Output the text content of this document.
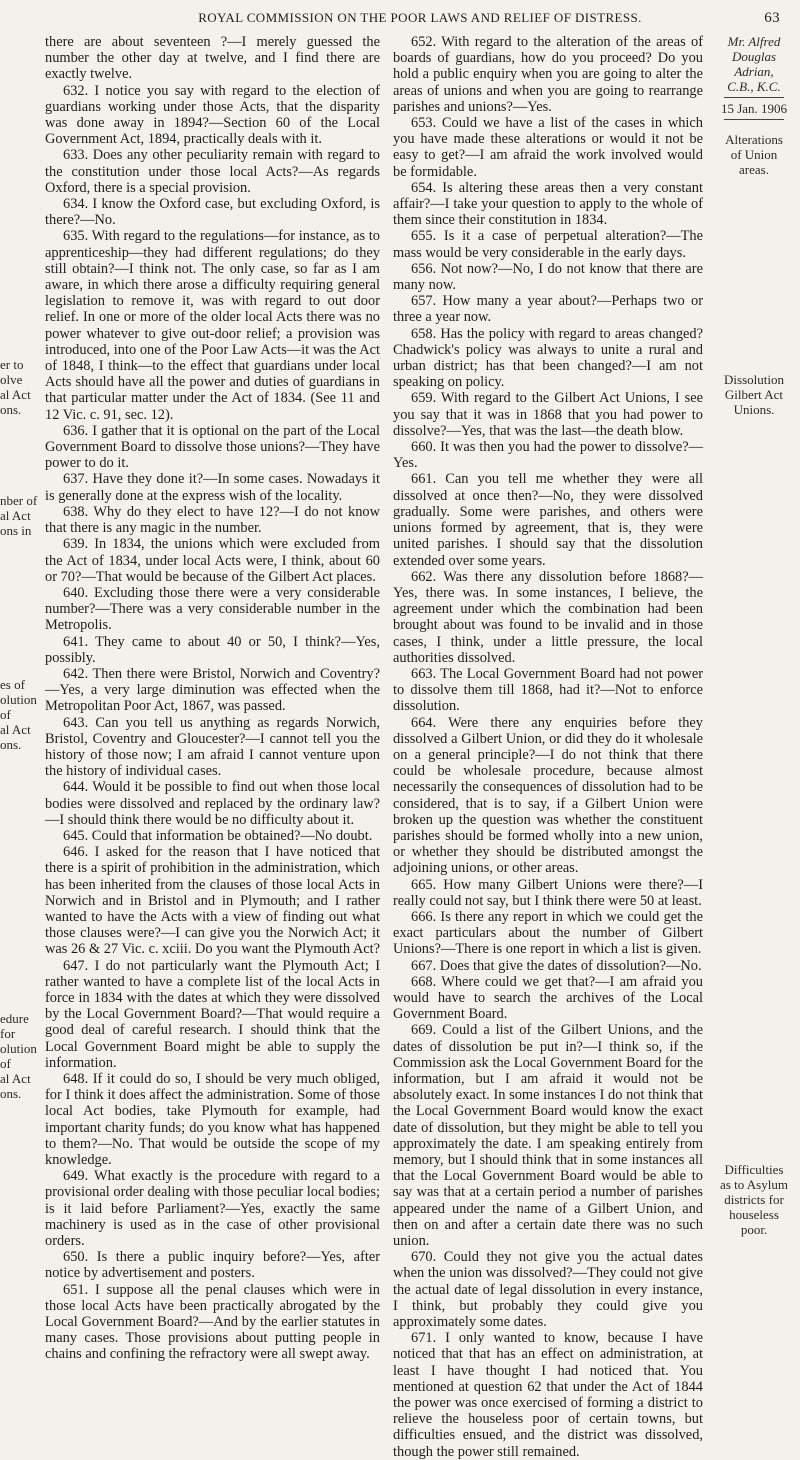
ROYAL COMMISSION ON THE POOR LAWS AND RELIEF OF DISTRESS.	63
er to
olve
al Act
ons.
nber of
al Act
ons in
es of
olution of
al Act
ons.
edure for
olution of
al Act
ons.

there are about seventeen ?—I merely guessed the number the other day at twelve, and I find there are exactly twelve.

632. I notice you say with regard to the election of guardians working under those Acts, that the disparity was done away in 1894?—Section 60 of the Local Government Act, 1894, practically deals with it.

633. Does any other peculiarity remain with regard to the constitution under those local Acts?—As regards Oxford, there is a special provision.

634. I know the Oxford case, but excluding Oxford, is there?—No.

635. With regard to the regulations—for instance, as to apprenticeship—they had different regulations; do they still obtain?—I think not. The only case, so far as I am aware, in which there arose a difficulty requiring general legislation to remove it, was with regard to out door relief. In one or more of the older local Acts there was no power whatever to give out-door relief; a provision was introduced, into one of the Poor Law Acts—it was the Act of 1848, I think—to the effect that guardians under local Acts should have all the power and duties of guardians in that particular matter under the Act of 1834. (See 11 and 12 Vic. c. 91, sec. 12).

636. I gather that it is optional on the part of the Local Government Board to dissolve those unions?—They have power to do it.

637. Have they done it?—In some cases. Nowadays it is generally done at the express wish of the locality.

638. Why do they elect to have 12?—I do not know that there is any magic in the number.

639. In 1834, the unions which were excluded from the Act of 1834, under local Acts were, I think, about 60 or 70?—That would be because of the Gilbert Act places.

640. Excluding those there were a very considerable number?—There was a very considerable number in the Metropolis.

641. They came to about 40 or 50, I think?—Yes, possibly.

642. Then there were Bristol, Norwich and Coventry?—Yes, a very large diminution was effected when the Metropolitan Poor Act, 1867, was passed.

643. Can you tell us anything as regards Norwich, Bristol, Coventry and Gloucester?—I cannot tell you the history of those now; I am afraid I cannot venture upon the history of individual cases.

644. Would it be possible to find out when those local bodies were dissolved and replaced by the ordinary law?—I should think there would be no difficulty about it.

645. Could that information be obtained?—No doubt.

646. I asked for the reason that I have noticed that there is a spirit of prohibition in the administration, which has been inherited from the clauses of those local Acts in Norwich and in Bristol and in Plymouth; and I rather wanted to have the Acts with a view of finding out what those clauses were?—I can give you the Norwich Act; it was 26 & 27 Vic. c. xciii. Do you want the Plymouth Act?

647. I do not particularly want the Plymouth Act; I rather wanted to have a complete list of the local Acts in force in 1834 with the dates at which they were dissolved by the Local Government Board?—That would require a good deal of careful research. I should think that the Local Government Board might be able to supply the information.

648. If it could do so, I should be very much obliged, for I think it does affect the administration. Some of those local Act bodies, take Plymouth for example, had important charity funds; do you know what has happened to them?—No. That would be outside the scope of my knowledge.

649. What exactly is the procedure with regard to a provisional order dealing with those peculiar local bodies; is it laid before Parliament?—Yes, exactly the same machinery is used as in the case of other provisional orders.

650. Is there a public inquiry before?—Yes, after notice by advertisement and posters.

651. I suppose all the penal clauses which were in those local Acts have been practically abrogated by the Local Government Board?—And by the earlier statutes in many cases. Those provisions about putting people in chains and confining the refractory were all swept away.

652. With regard to the alteration of the areas of boards of guardians, how do you proceed? Do you hold a public enquiry when you are going to alter the areas of unions and when you are going to rearrange parishes and unions?—Yes.

653. Could we have a list of the cases in which you have made these alterations or would it not be easy to get?—I am afraid the work involved would be formidable.

654. Is altering these areas then a very constant affair?—I take your question to apply to the whole of them since their constitution in 1834.

655. Is it a case of perpetual alteration?—The mass would be very considerable in the early days.

656. Not now?—No, I do not know that there are many now.

657. How many a year about?—Perhaps two or three a year now.

658. Has the policy with regard to areas changed? Chadwick's policy was always to unite a rural and urban district; has that been changed?—I am not speaking on policy.

659. With regard to the Gilbert Act Unions, I see you say that it was in 1868 that you had power to dissolve?—Yes, that was the last—the death blow.

660. It was then you had the power to dissolve?—Yes.

661. Can you tell me whether they were all dissolved at once then?—No, they were dissolved gradually. Some were parishes, and others were unions formed by agreement, that is, they were united parishes. I should say that the dissolution extended over some years.

662. Was there any dissolution before 1868?—Yes, there was. In some instances, I believe, the agreement under which the combination had been brought about was found to be invalid and in those cases, I think, under a little pressure, the local authorities dissolved.

663. The Local Government Board had not power to dissolve them till 1868, had it?—Not to enforce dissolution.

664. Were there any enquiries before they dissolved a Gilbert Union, or did they do it wholesale on a general principle?—I do not think that there could be wholesale procedure, because almost necessarily the consequences of dissolution had to be considered, that is to say, if a Gilbert Union were broken up the question was whether the constituent parishes should be formed wholly into a new union, or whether they should be distributed amongst the adjoining unions, or other areas.

665. How many Gilbert Unions were there?—I really could not say, but I think there were 50 at least.

666. Is there any report in which we could get the exact particulars about the number of Gilbert Unions?—There is one report in which a list is given.

667. Does that give the dates of dissolution?—No.

668. Where could we get that?—I am afraid you would have to search the archives of the Local Government Board.

669. Could a list of the Gilbert Unions, and the dates of dissolution be put in?—I think so, if the Commission ask the Local Government Board for the information, but I am afraid it would not be absolutely exact. In some instances I do not think that the Local Government Board would know the exact date of dissolution, but they might be able to tell you approximately the date. I am speaking entirely from memory, but I should think that in some instances all that the Local Government Board would be able to say was that at a certain period a number of parishes appeared under the name of a Gilbert Union, and then on and after a certain date there was no such union.

670. Could they not give you the actual dates when the union was dissolved?—They could not give the actual date of legal dissolution in every instance, I think, but probably they could give you approximately some dates.

671. I only wanted to know, because I have noticed that that has an effect on administration, at least I have thought I had noticed that. You mentioned at question 62 that under the Act of 1844 the power was once exercised of forming a district to relieve the houseless poor of certain towns, but difficulties ensued, and the district was dissolved, though the power still remained.

Mr. Alfred Douglas Adrian,
C.B., K.C.
15 Jan. 1906
Alterations
of Union
areas.
Dissolution
Gilbert Act
Unions.
Difficulties
as to Asylum
districts for
houseless
poor.
